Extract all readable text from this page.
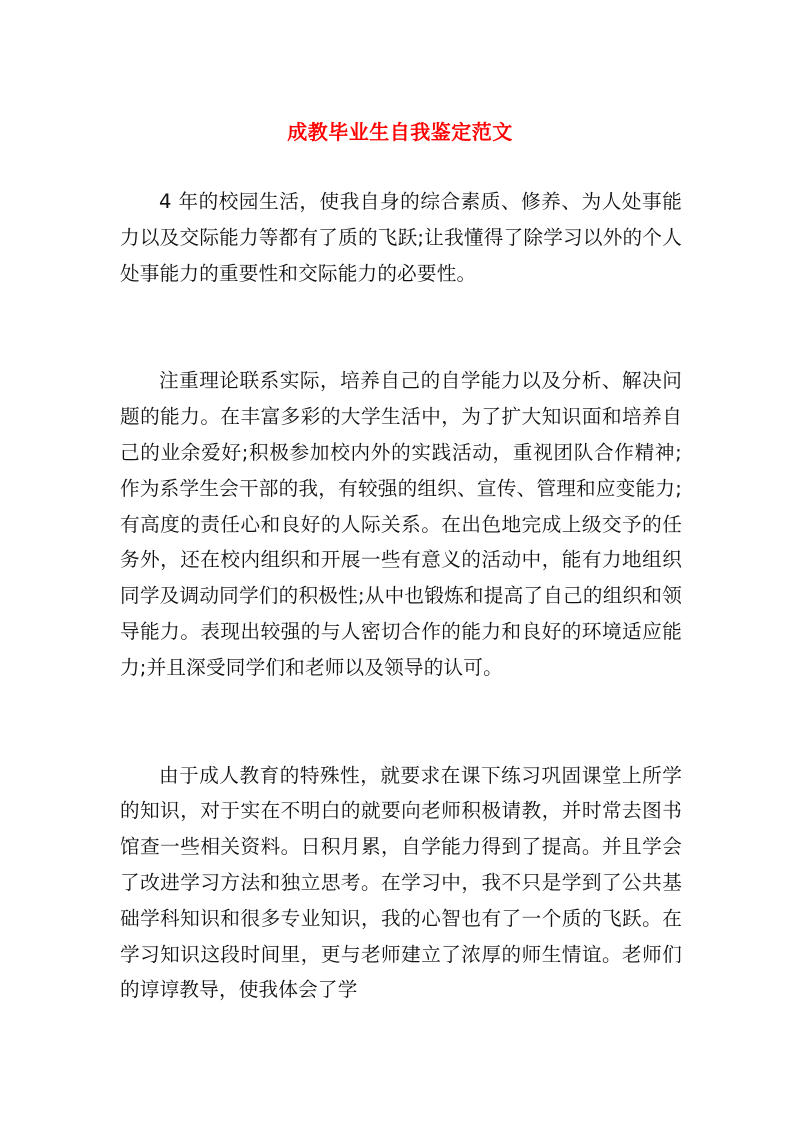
成教毕业生自我鉴定范文

4 年的校园生活，使我自身的综合素质、修养、为人处事能力以及交际能力等都有了质的飞跃;让我懂得了除学习以外的个人处事能力的重要性和交际能力的必要性。

注重理论联系实际，培养自己的自学能力以及分析、解决问题的能力。在丰富多彩的大学生活中，为了扩大知识面和培养自己的业余爱好;积极参加校内外的实践活动，重视团队合作精神;作为系学生会干部的我，有较强的组织、宣传、管理和应变能力;有高度的责任心和良好的人际关系。在出色地完成上级交予的任务外，还在校内组织和开展一些有意义的活动中，能有力地组织同学及调动同学们的积极性;从中也锻炼和提高了自己的组织和领导能力。表现出较强的与人密切合作的能力和良好的环境适应能力;并且深受同学们和老师以及领导的认可。

由于成人教育的特殊性，就要求在课下练习巩固课堂上所学的知识，对于实在不明白的就要向老师积极请教，并时常去图书馆查一些相关资料。日积月累，自学能力得到了提高。并且学会了改进学习方法和独立思考。在学习中，我不只是学到了公共基础学科知识和很多专业知识，我的心智也有了一个质的飞跃。在学习知识这段时间里，更与老师建立了浓厚的师生情谊。老师们的谆谆教导，使我体会了学
